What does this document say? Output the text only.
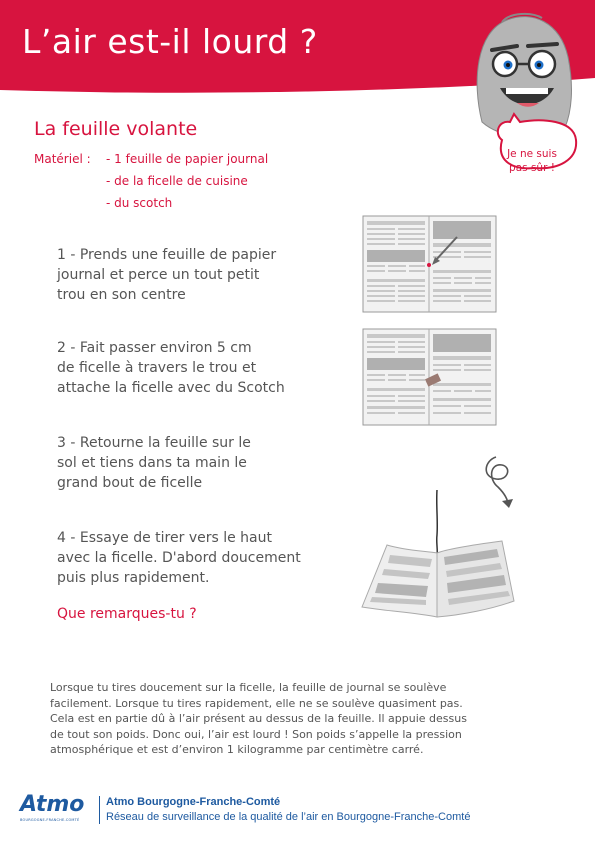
L’air est-il lourd ?
Je ne suis
pas sûr !
La feuille volante
Matériel : - 1 feuille de papier journal
- de la ficelle de cuisine
- du scotch
1 - Prends une feuille de papier
journal et perce un tout petit
trou en son centre
2 - Fait passer environ 5 cm
de ficelle à travers le trou et
attache la ficelle avec du Scotch
3 - Retourne la feuille sur le
sol et tiens dans ta main le
grand bout de ficelle
4 - Essaye de tirer vers le haut
avec la ficelle. D'abord doucement
puis plus rapidement.
Que remarques-tu ?
Lorsque tu tires doucement sur la ficelle, la feuille de journal se soulève
facilement. Lorsque tu tires rapidement, elle ne se soulève quasiment pas.
Cela est en partie dû à l’air présent au dessus de la feuille. Il appuie dessus
de tout son poids. Donc oui, l’air est lourd ! Son poids s’appelle la pression
atmosphérique et est d’environ 1 kilogramme par centimètre carré.
Atmo
BOURGOGNE-FRANCHE-COMTÉ
Atmo Bourgogne-Franche-Comté
Réseau de surveillance de la qualité de l’air en Bourgogne-Franche-Comté
